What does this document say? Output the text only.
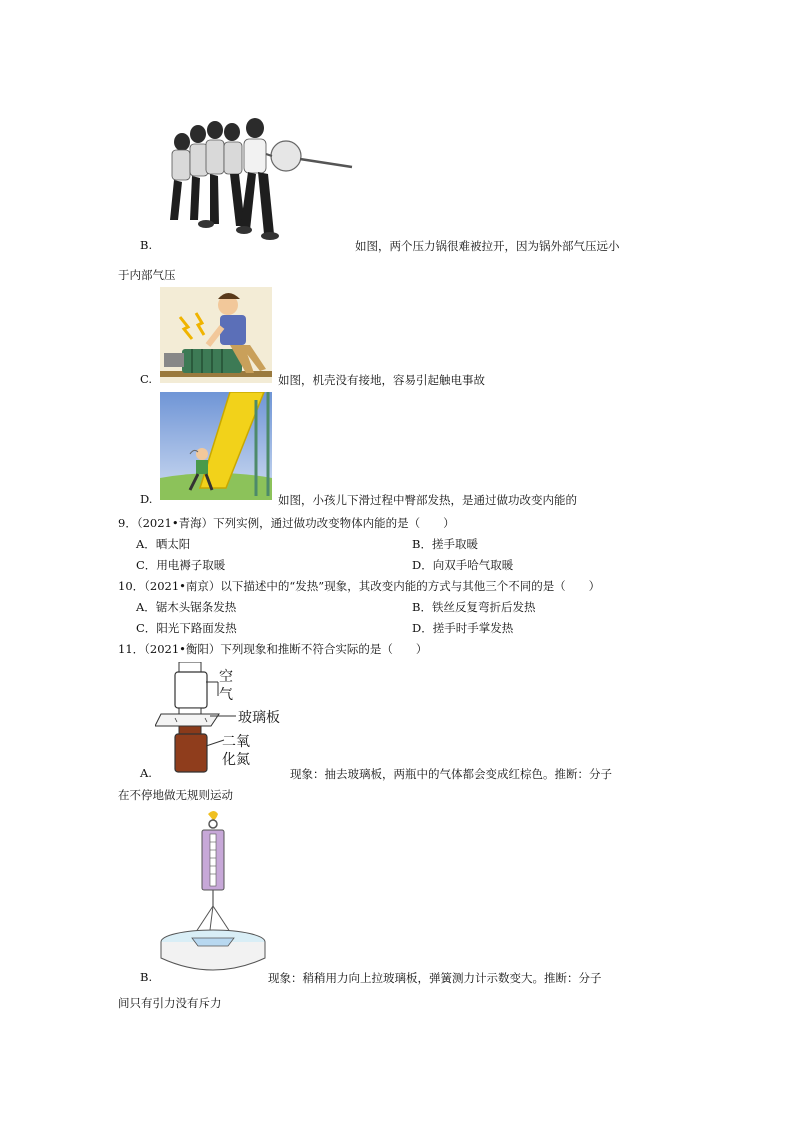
B.	如图，两个压力锅很难被拉开，因为锅外部气压远小
于内部气压
C.	如图，机壳没有接地，容易引起触电事故
D.	如图，小孩儿下滑过程中臀部发热，是通过做功改变内能的
9．（2021•青海）下列实例，通过做功改变物体内能的是（　　）
A．晒太阳	B．搓手取暖
C．用电褥子取暖	D．向双手哈气取暖
10．（2021•南京）以下描述中的“发热”现象，其改变内能的方式与其他三个不同的是（　　）
A．锯木头锯条发热	B．铁丝反复弯折后发热
C．阳光下路面发热	D．搓手时手掌发热
11．（2021•衡阳）下列现象和推断不符合实际的是（　　）
空
气
玻璃板
二氧
化氮
A.	现象：抽去玻璃板，两瓶中的气体都会变成红棕色。推断：分子
在不停地做无规则运动
B.	现象：稍稍用力向上拉玻璃板，弹簧测力计示数变大。推断：分子
间只有引力没有斥力
